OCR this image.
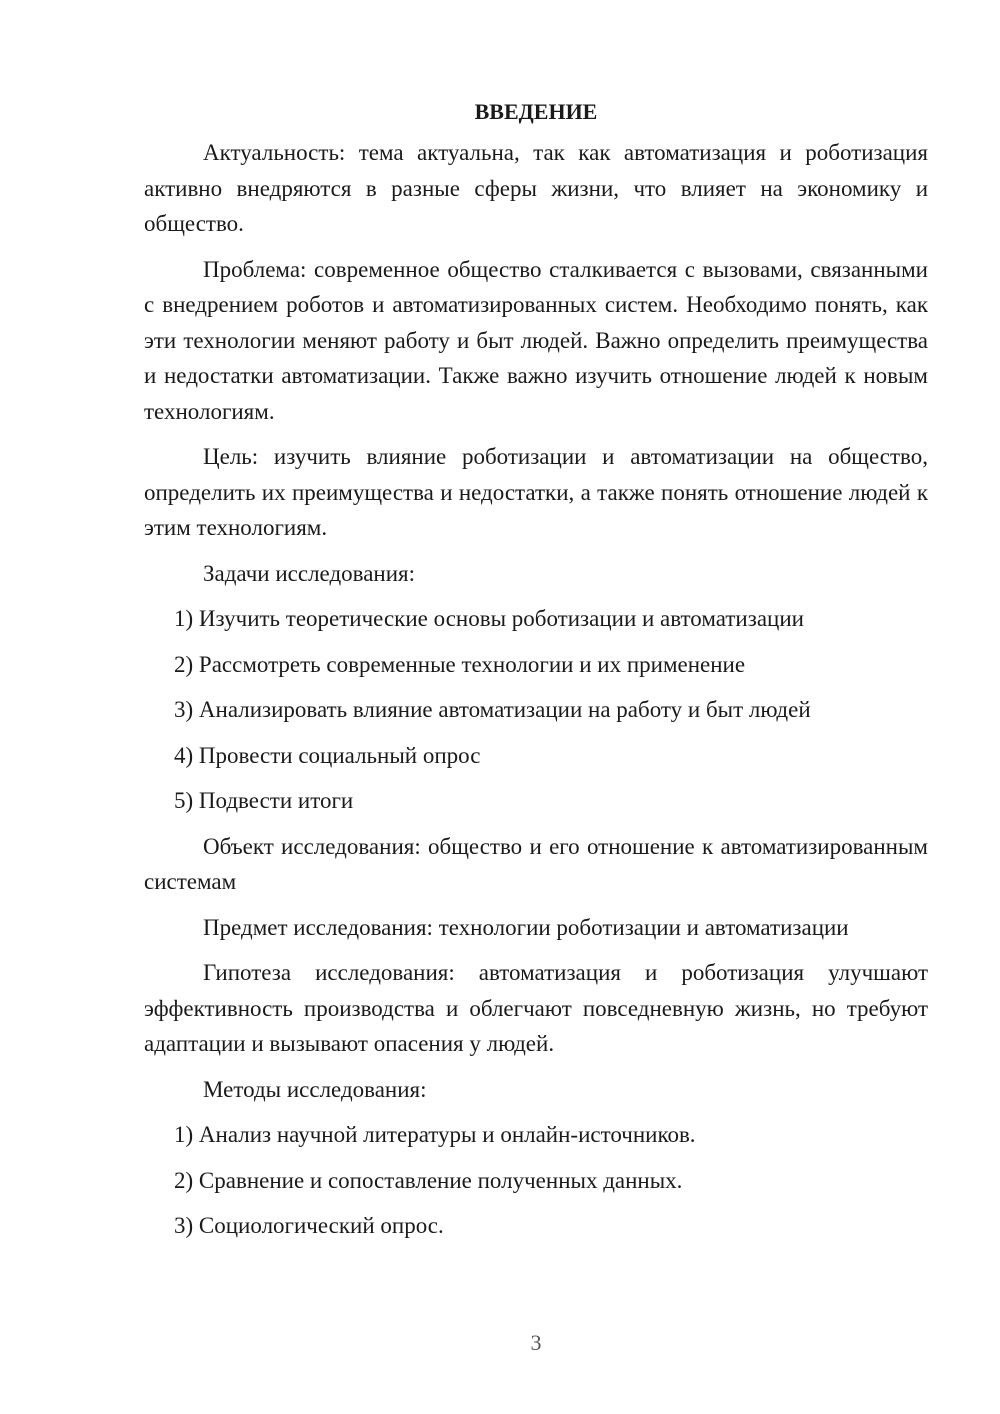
ВВЕДЕНИЕ
Актуальность: тема актуальна, так как автоматизация и роботизация активно внедряются в разные сферы жизни, что влияет на экономику и общество.
Проблема: современное общество сталкивается с вызовами, связанными с внедрением роботов и автоматизированных систем. Необходимо понять, как эти технологии меняют работу и быт людей. Важно определить преимущества и недостатки автоматизации. Также важно изучить отношение людей к новым технологиям.
Цель: изучить влияние роботизации и автоматизации на общество, определить их преимущества и недостатки, а также понять отношение людей к этим технологиям.
Задачи исследования:
1) Изучить теоретические основы роботизации и автоматизации
2) Рассмотреть современные технологии и их применение
3) Анализировать влияние автоматизации на работу и быт людей
4) Провести социальный опрос
5) Подвести итоги
Объект исследования: общество и его отношение к автоматизированным системам
Предмет исследования: технологии роботизации и автоматизации
Гипотеза исследования: автоматизация и роботизация улучшают эффективность производства и облегчают повседневную жизнь, но требуют адаптации и вызывают опасения у людей.
Методы исследования:
1) Анализ научной литературы и онлайн-источников.
2) Сравнение и сопоставление полученных данных.
3) Социологический опрос.
3
